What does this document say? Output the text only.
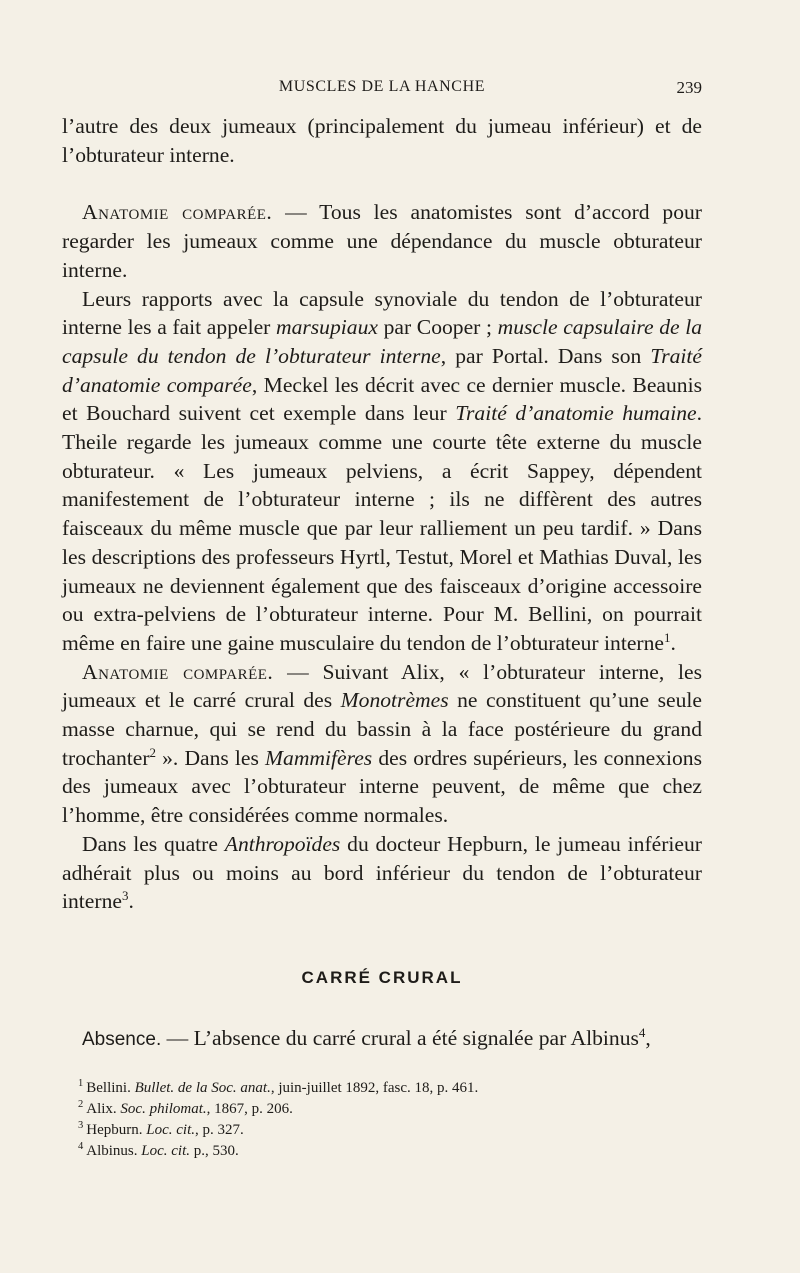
MUSCLES DE LA HANCHE	239

l’autre des deux jumeaux (principalement du jumeau inférieur) et de l’obturateur interne.

Anatomie comparée. — Tous les anatomistes sont d’accord pour regarder les jumeaux comme une dépendance du muscle obturateur interne.

Leurs rapports avec la capsule synoviale du tendon de l’obturateur interne les a fait appeler marsupiaux par Cooper ; muscle capsulaire de la capsule du tendon de l’obturateur interne, par Portal. Dans son Traité d’anatomie comparée, Meckel les décrit avec ce dernier muscle. Beaunis et Bouchard suivent cet exemple dans leur Traité d’anatomie humaine. Theile regarde les jumeaux comme une courte tête externe du muscle obturateur. « Les jumeaux pelviens, a écrit Sappey, dépendent manifestement de l’obturateur interne ; ils ne diffèrent des autres faisceaux du même muscle que par leur ralliement un peu tardif. » Dans les descriptions des professeurs Hyrtl, Testut, Morel et Mathias Duval, les jumeaux ne deviennent également que des faisceaux d’origine accessoire ou extra-pelviens de l’obturateur interne. Pour M. Bellini, on pourrait même en faire une gaine musculaire du tendon de l’obturateur interne$^1$.

Anatomie comparée. — Suivant Alix, « l’obturateur interne, les jumeaux et le carré crural des Monotrèmes ne constituent qu’une seule masse charnue, qui se rend du bassin à la face postérieure du grand trochanter$^2$ ». Dans les Mammifères des ordres supérieurs, les connexions des jumeaux avec l’obturateur interne peuvent, de même que chez l’homme, être considérées comme normales.

Dans les quatre Anthropoïdes du docteur Hepburn, le jumeau inférieur adhérait plus ou moins au bord inférieur du tendon de l’obturateur interne$^3$.

CARRÉ CRURAL
Absence. — L’absence du carré crural a été signalée par Albinus$^4$,
$^1$ Bellini. Bullet. de la Soc. anat., juin-juillet 1892, fasc. 18, p. 461.
$^2$ Alix. Soc. philomat., 1867, p. 206.
$^3$ Hepburn. Loc. cit., p. 327.
$^4$ Albinus. Loc. cit. p., 530.
